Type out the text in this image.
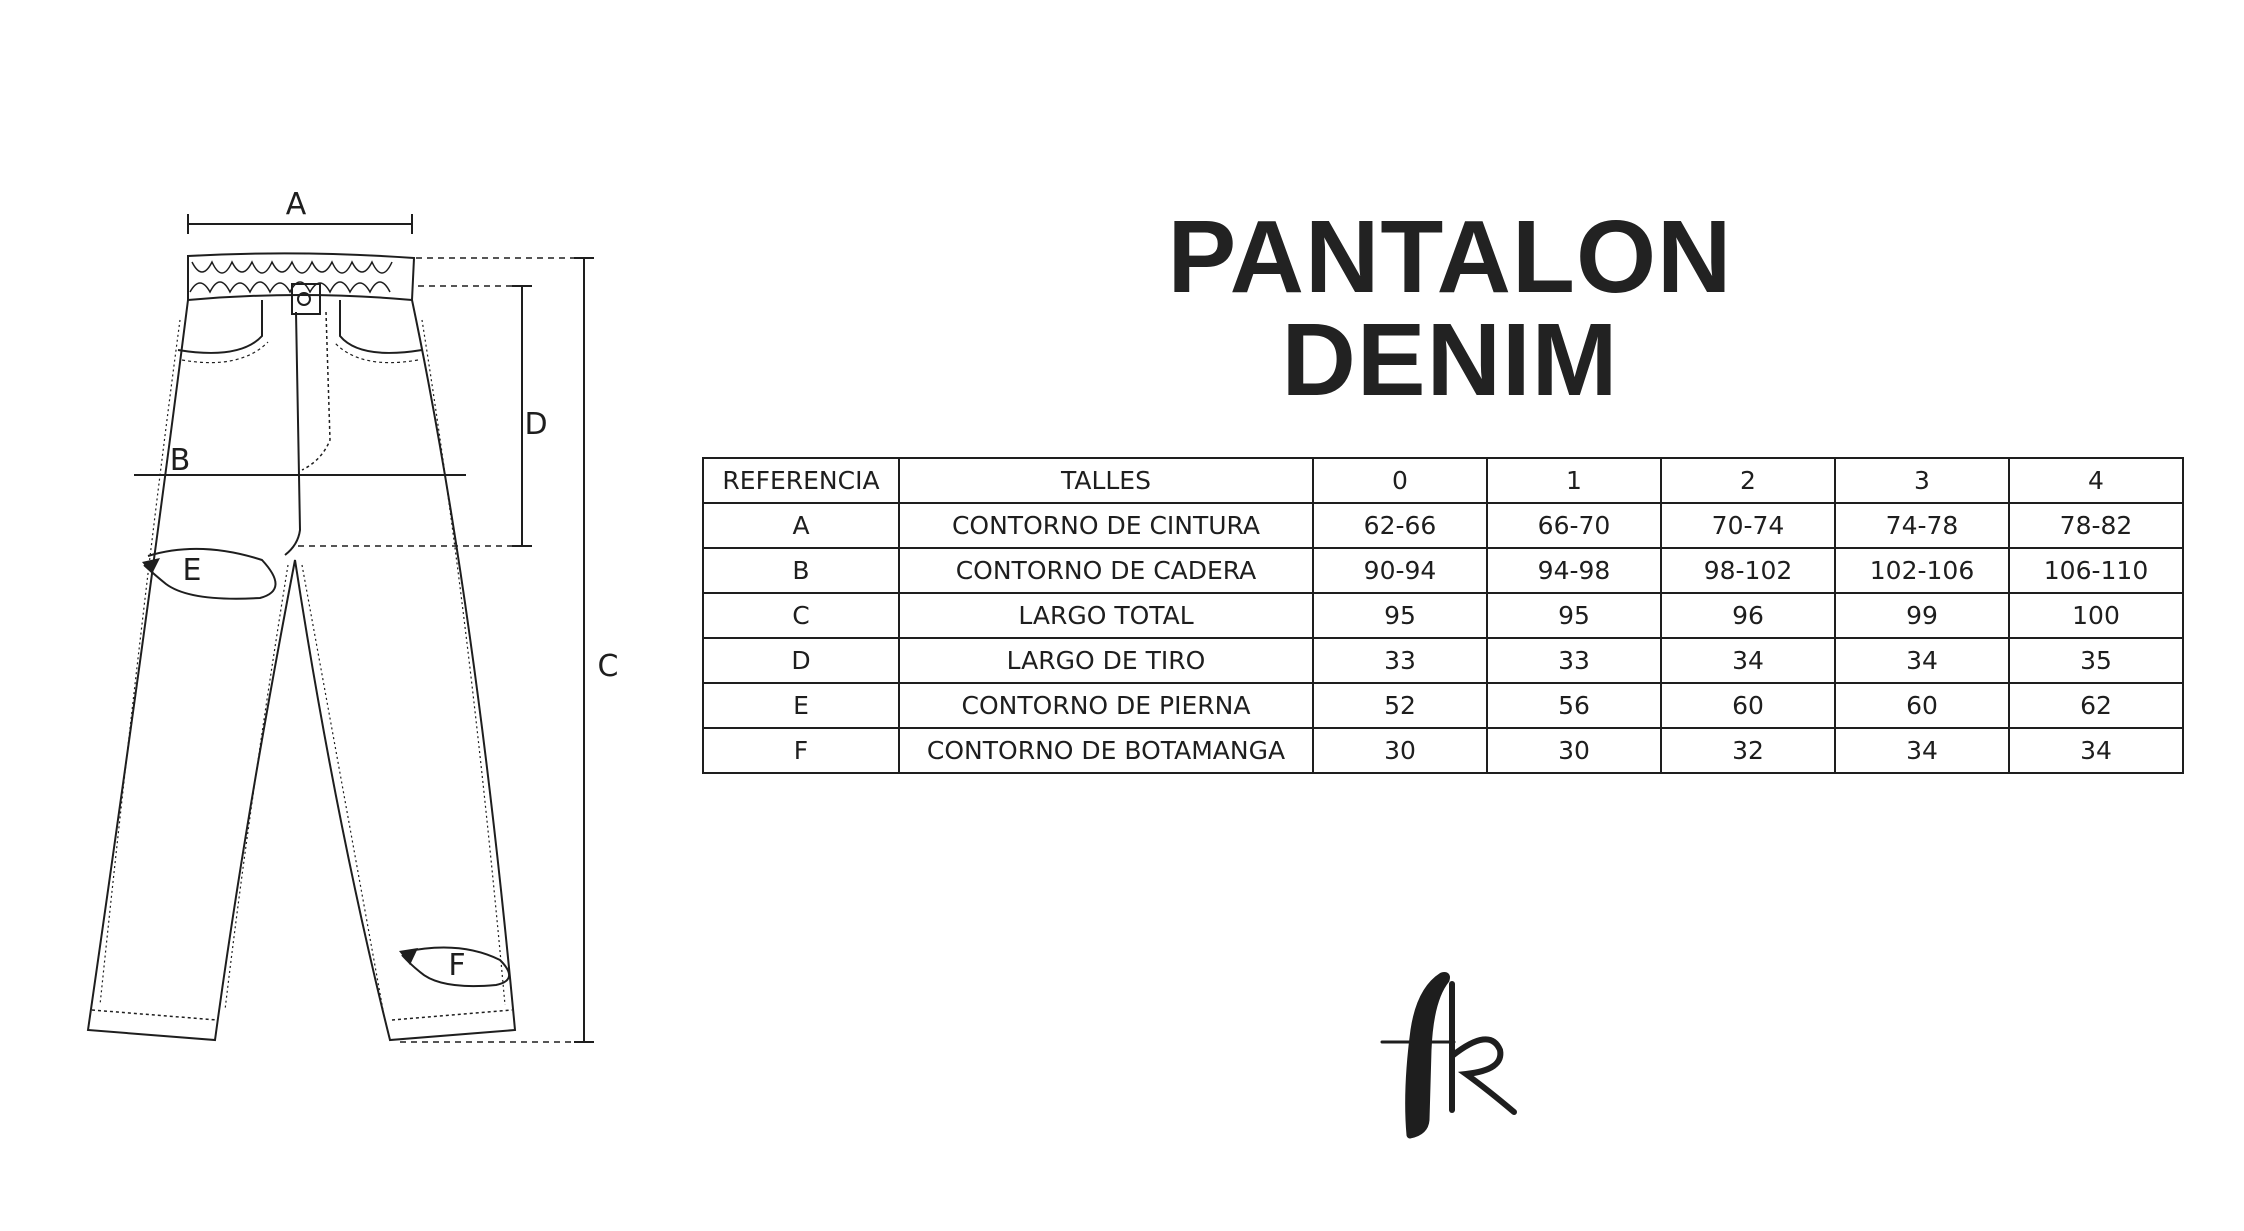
A
B
C
D
E
F
PANTALON DENIM
REFERENCIA	TALLES	0	1	2	3	4
A	CONTORNO DE CINTURA	62-66	66-70	70-74	74-78	78-82
B	CONTORNO DE CADERA	90-94	94-98	98-102	102-106	106-110
C	LARGO TOTAL	95	95	96	99	100
D	LARGO DE TIRO	33	33	34	34	35
E	CONTORNO DE PIERNA	52	56	60	60	62
F	CONTORNO DE BOTAMANGA	30	30	32	34	34
